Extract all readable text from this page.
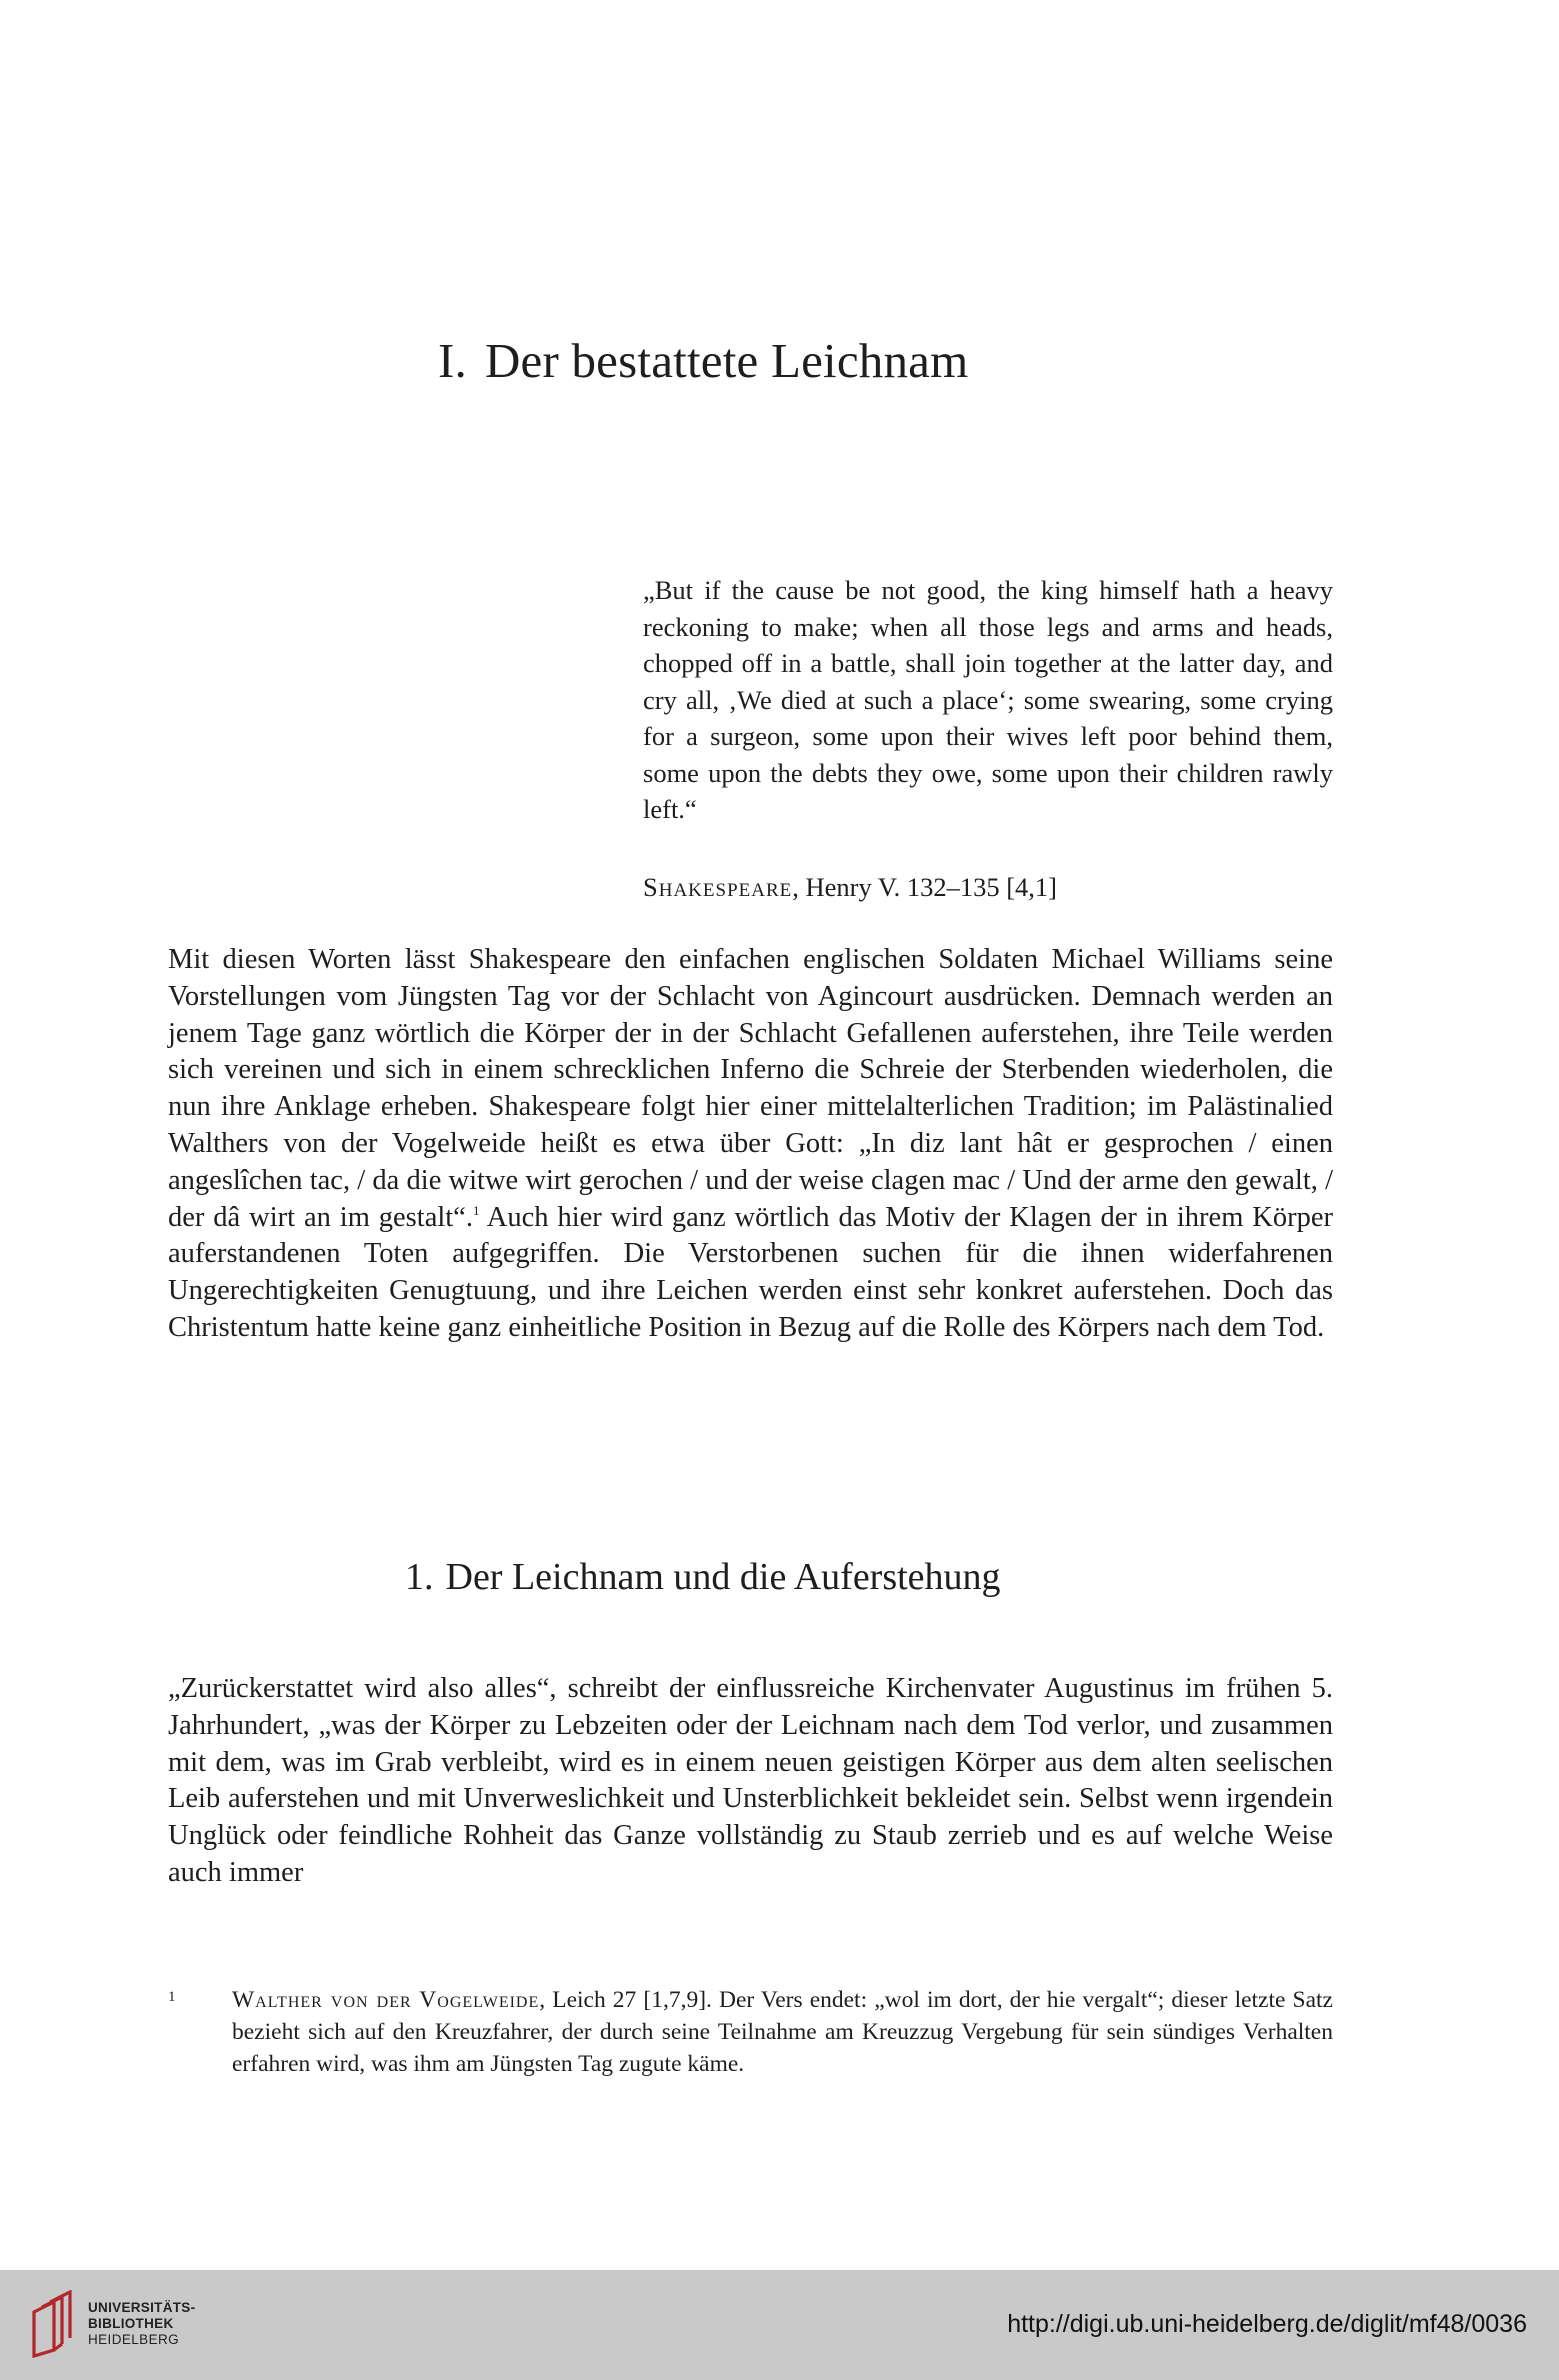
I. Der bestattete Leichnam

„But if the cause be not good, the king himself hath a heavy reckoning to make; when all those legs and arms and heads, chopped off in a battle, shall join together at the latter day, and cry all, ‚We died at such a place‘; some swearing, some crying for a surgeon, some upon their wives left poor behind them, some upon the debts they owe, some upon their children rawly left.“

Shakespeare, Henry V. 132–135 [4,1]

Mit diesen Worten lässt Shakespeare den einfachen englischen Soldaten Michael Williams seine Vorstellungen vom Jüngsten Tag vor der Schlacht von Agincourt ausdrücken. Demnach werden an jenem Tage ganz wörtlich die Körper der in der Schlacht Gefallenen auferstehen, ihre Teile werden sich vereinen und sich in einem schrecklichen Inferno die Schreie der Sterbenden wiederholen, die nun ihre Anklage erheben. Shakespeare folgt hier einer mittelalterlichen Tradition; im Palästinalied Walthers von der Vogelweide heißt es etwa über Gott: „In diz lant hât er gesprochen / einen angeslîchen tac, / da die witwe wirt gerochen / und der weise clagen mac / Und der arme den gewalt, / der dâ wirt an im gestalt“.$^1$ Auch hier wird ganz wörtlich das Motiv der Klagen der in ihrem Körper auferstandenen Toten aufgegriffen. Die Verstorbenen suchen für die ihnen widerfahrenen Ungerechtigkeiten Genugtuung, und ihre Leichen werden einst sehr konkret auferstehen. Doch das Christentum hatte keine ganz einheitliche Position in Bezug auf die Rolle des Körpers nach dem Tod.

1. Der Leichnam und die Auferstehung

„Zurückerstattet wird also alles“, schreibt der einflussreiche Kirchenvater Augustinus im frühen 5. Jahrhundert, „was der Körper zu Lebzeiten oder der Leichnam nach dem Tod verlor, und zusammen mit dem, was im Grab verbleibt, wird es in einem neuen geistigen Körper aus dem alten seelischen Leib auferstehen und mit Unverweslichkeit und Unsterblichkeit bekleidet sein. Selbst wenn irgendein Unglück oder feindliche Rohheit das Ganze vollständig zu Staub zerrieb und es auf welche Weise auch immer

1 Walther von der Vogelweide, Leich 27 [1,7,9]. Der Vers endet: „wol im dort, der hie vergalt“; dieser letzte Satz bezieht sich auf den Kreuzfahrer, der durch seine Teilnahme am Kreuzzug Vergebung für sein sündiges Verhalten erfahren wird, was ihm am Jüngsten Tag zugute käme.
UNIVERSITÄTS-
BIBLIOTHEK
HEIDELBERG
http://digi.ub.uni-heidelberg.de/diglit/mf48/0036
